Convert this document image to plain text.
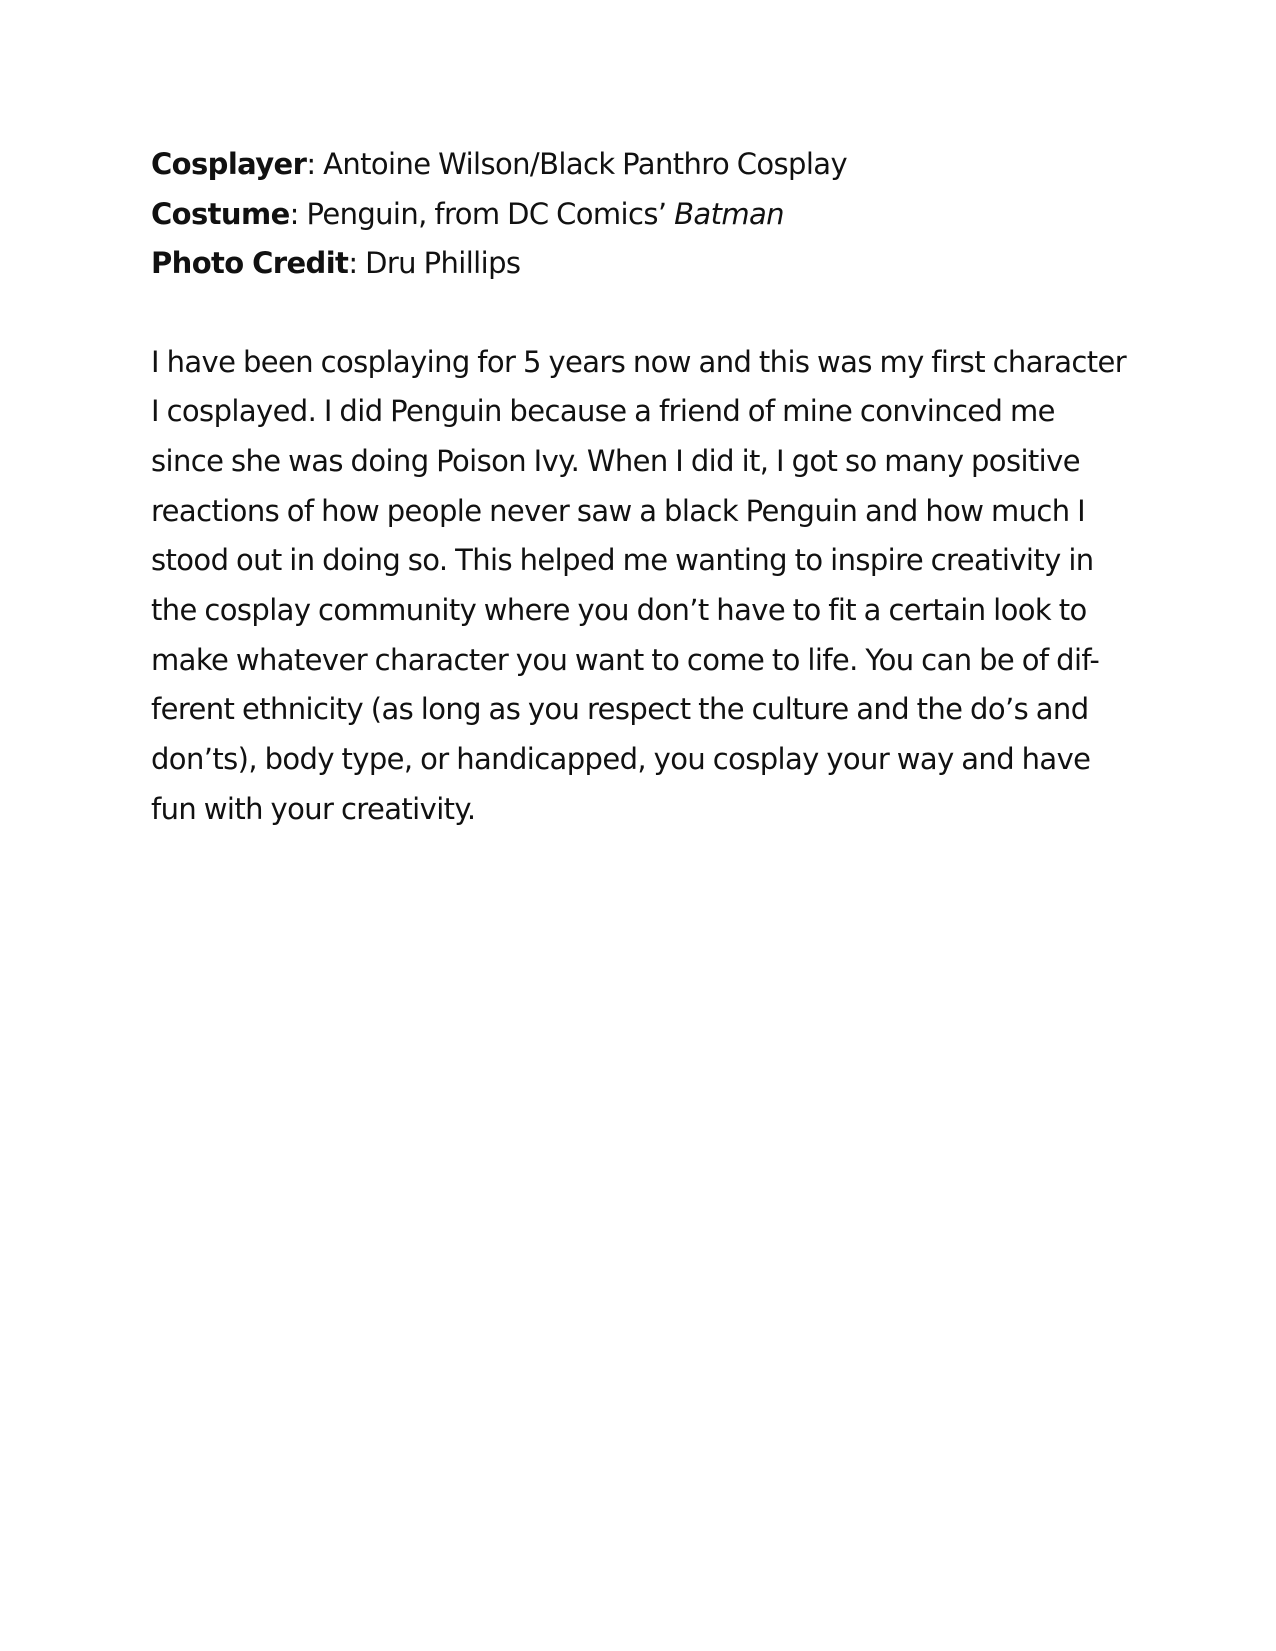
Cosplayer: Antoine Wilson/Black Panthro Cosplay
Costume: Penguin, from DC Comics’ Batman
Photo Credit: Dru Phillips
I have been cosplaying for 5 years now and this was my first character
I cosplayed. I did Penguin because a friend of mine convinced me
since she was doing Poison Ivy. When I did it, I got so many positive
reactions of how people never saw a black Penguin and how much I
stood out in doing so. This helped me wanting to inspire creativity in
the cosplay community where you don’t have to fit a certain look to
make whatever character you want to come to life. You can be of dif-
ferent ethnicity (as long as you respect the culture and the do’s and
don’ts), body type, or handicapped, you cosplay your way and have
fun with your creativity.
